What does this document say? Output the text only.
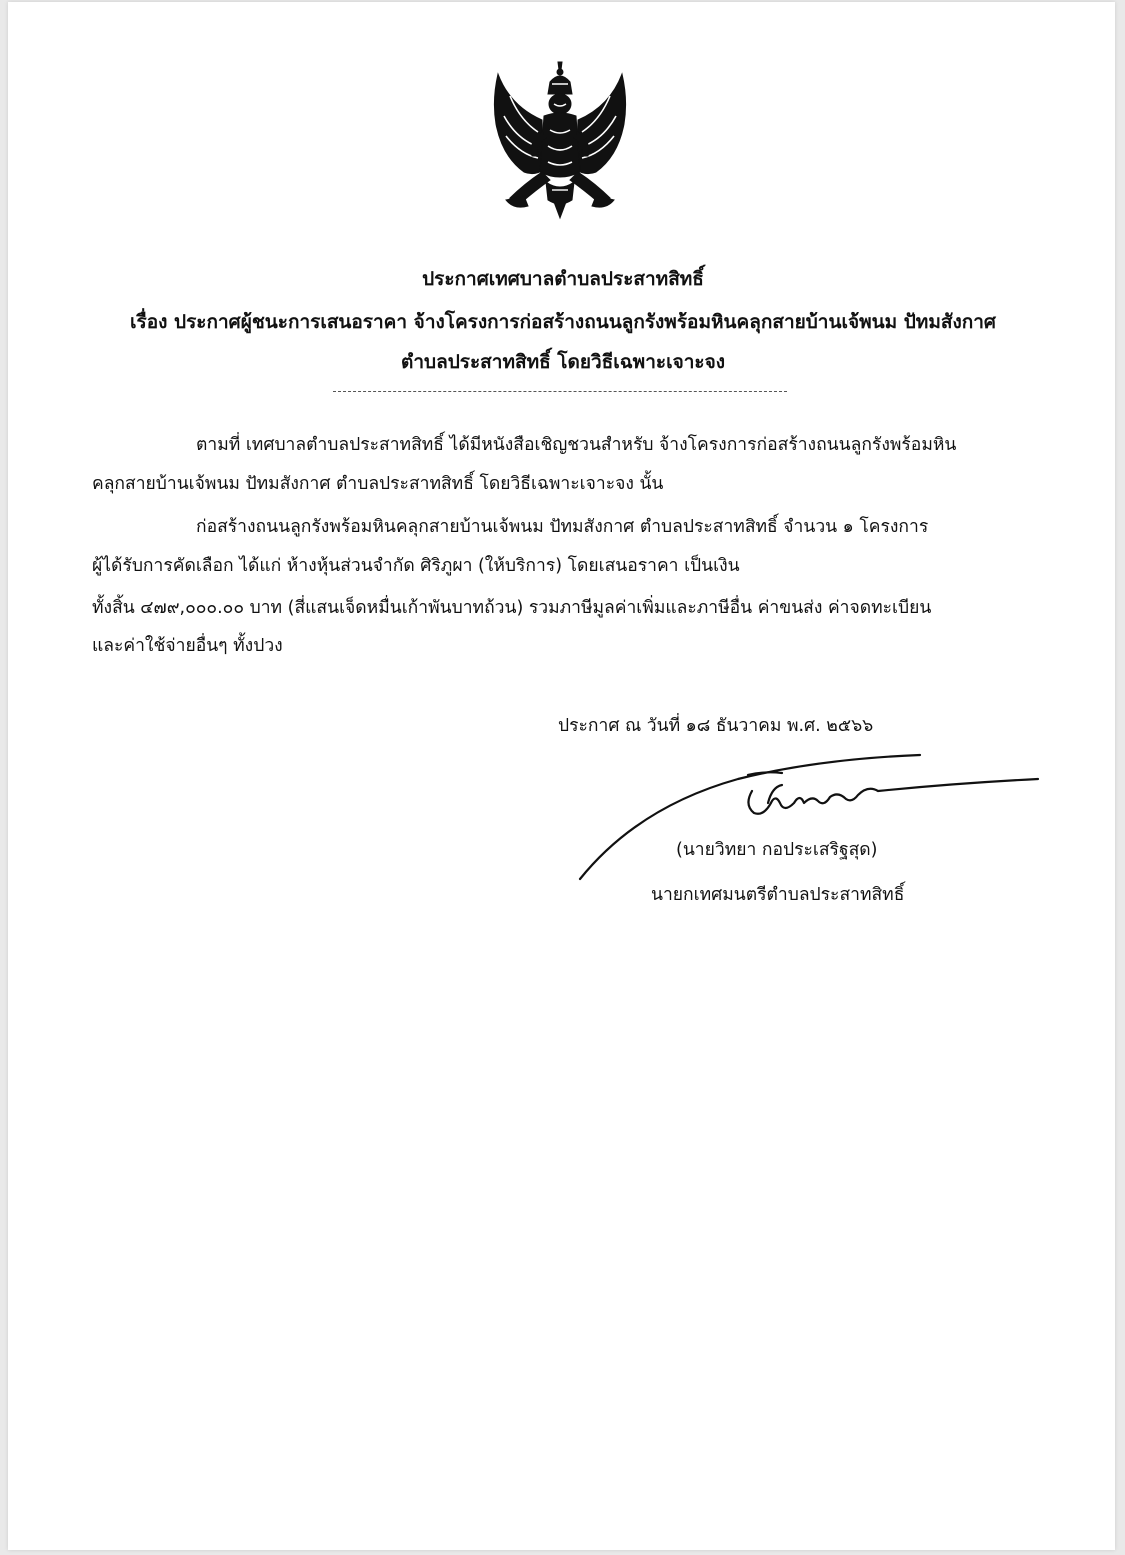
ประกาศเทศบาลตำบลประสาทสิทธิ์
เรื่อง ประกาศผู้ชนะการเสนอราคา จ้างโครงการก่อสร้างถนนลูกรังพร้อมหินคลุกสายบ้านเจ้พนม ปัทมสังกาศ
ตำบลประสาทสิทธิ์ โดยวิธีเฉพาะเจาะจง
ตามที่ เทศบาลตำบลประสาทสิทธิ์ ได้มีหนังสือเชิญชวนสำหรับ จ้างโครงการก่อสร้างถนนลูกรังพร้อมหิน
คลุกสายบ้านเจ้พนม ปัทมสังกาศ ตำบลประสาทสิทธิ์ โดยวิธีเฉพาะเจาะจง นั้น
ก่อสร้างถนนลูกรังพร้อมหินคลุกสายบ้านเจ้พนม ปัทมสังกาศ ตำบลประสาทสิทธิ์ จำนวน ๑ โครงการ
ผู้ได้รับการคัดเลือก ได้แก่ ห้างหุ้นส่วนจำกัด ศิริภูผา (ให้บริการ) โดยเสนอราคา เป็นเงิน
ทั้งสิ้น ๔๗๙,๐๐๐.๐๐ บาท (สี่แสนเจ็ดหมื่นเก้าพันบาทถ้วน) รวมภาษีมูลค่าเพิ่มและภาษีอื่น ค่าขนส่ง ค่าจดทะเบียน
และค่าใช้จ่ายอื่นๆ ทั้งปวง
ประกาศ ณ วันที่ ๑๘ ธันวาคม พ.ศ. ๒๕๖๖
(นายวิทยา กอประเสริฐสุด)
นายกเทศมนตรีตำบลประสาทสิทธิ์
